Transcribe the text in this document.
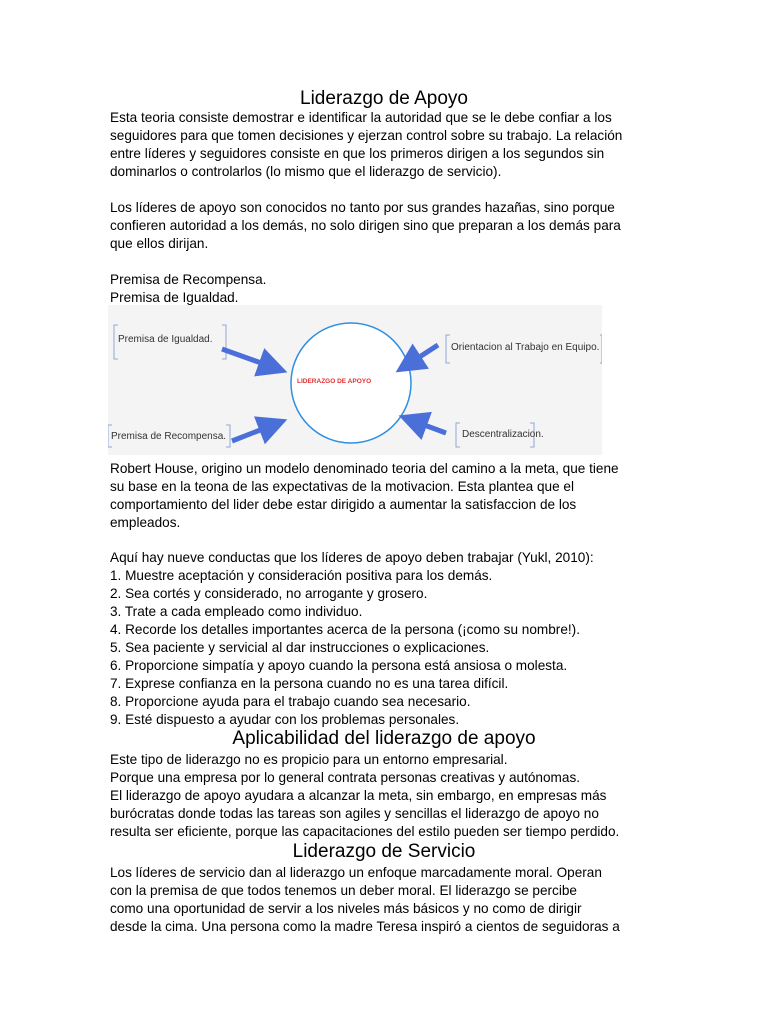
Liderazgo de Apoyo
Esta teoria consiste demostrar e identificar la autoridad que se le debe confiar a los
seguidores para que tomen decisiones y ejerzan control sobre su trabajo. La relación
entre líderes y seguidores consiste en que los primeros dirigen a los segundos sin
dominarlos o controlarlos (lo mismo que el liderazgo de servicio).
Los líderes de apoyo son conocidos no tanto por sus grandes hazañas, sino porque
confieren autoridad a los demás, no solo dirigen sino que preparan a los demás para
que ellos dirijan.
Premisa de Recompensa.
Premisa de Igualdad.
LIDERAZGO DE APOYO
Premisa de Igualdad.
Orientacion al Trabajo en Equipo.
Premisa de Recompensa.	Descentralizacion.
Robert House, origino un modelo denominado teoria del camino a la meta, que tiene
su base en la teona de las expectativas de la motivacion. Esta plantea que el
comportamiento del lider debe estar dirigido a aumentar la satisfaccion de los
empleados.
Aquí hay nueve conductas que los líderes de apoyo deben trabajar (Yukl, 2010):
1. Muestre aceptación y consideración positiva para los demás.
2. Sea cortés y considerado, no arrogante y grosero.
3. Trate a cada empleado como individuo.
4. Recorde los detalles importantes acerca de la persona (¡como su nombre!).
5. Sea paciente y servicial al dar instrucciones o explicaciones.
6. Proporcione simpatía y apoyo cuando la persona está ansiosa o molesta.
7. Exprese confianza en la persona cuando no es una tarea difícil.
8. Proporcione ayuda para el trabajo cuando sea necesario.
9. Esté dispuesto a ayudar con los problemas personales.
Aplicabilidad del liderazgo de apoyo
Este tipo de liderazgo no es propicio para un entorno empresarial.
Porque una empresa por lo general contrata personas creativas y autónomas.
El liderazgo de apoyo ayudara a alcanzar la meta, sin embargo, en empresas más
burócratas donde todas las tareas son agiles y sencillas el liderazgo de apoyo no
resulta ser eficiente, porque las capacitaciones del estilo pueden ser tiempo perdido.
Liderazgo de Servicio
Los líderes de servicio dan al liderazgo un enfoque marcadamente moral. Operan
con la premisa de que todos tenemos un deber moral. El liderazgo se percibe
como una oportunidad de servir a los niveles más básicos y no como de dirigir
desde la cima. Una persona como la madre Teresa inspiró a cientos de seguidoras a
